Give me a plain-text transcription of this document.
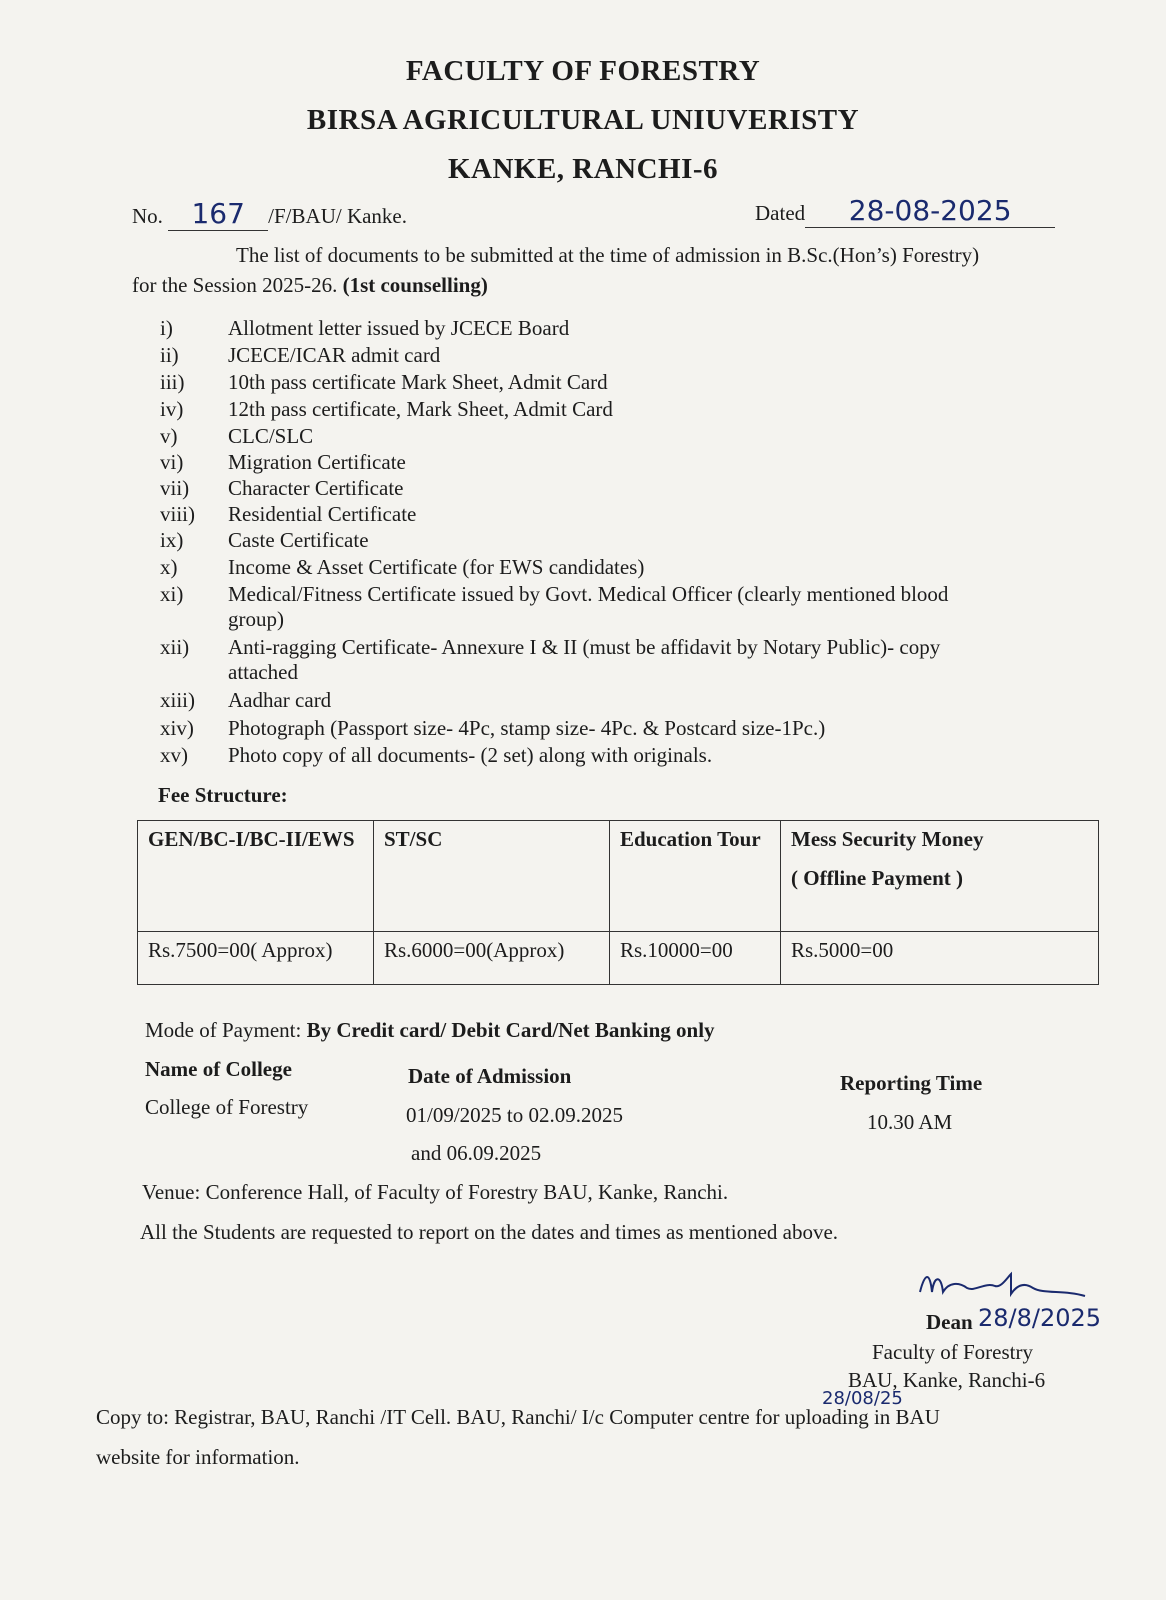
FACULTY OF FORESTRY
BIRSA AGRICULTURAL UNIUVERISTY
KANKE, RANCHI-6
No. 167 /F/BAU/ Kanke.	Dated 28-08-2025
The list of documents to be submitted at the time of admission in B.Sc.(Hon’s) Forestry)
for the Session 2025-26. (1st counselling)
i)	Allotment letter issued by JCECE Board
ii) JCECE/ICAR admit card
iii) 10th pass certificate Mark Sheet, Admit Card
iv) 12th pass certificate, Mark Sheet, Admit Card
v) CLC/SLC
vi) Migration Certificate
vii) Character Certificate
viii) Residential Certificate
ix) Caste Certificate
x) Income & Asset Certificate (for EWS candidates)
xi) Medical/Fitness Certificate issued by Govt. Medical Officer (clearly mentioned blood
group)
xii) Anti-ragging Certificate- Annexure I & II (must be affidavit by Notary Public)- copy
attached
xiii) Aadhar card
xiv) Photograph (Passport size- 4Pc, stamp size- 4Pc. & Postcard size-1Pc.)
xv) Photo copy of all documents- (2 set) along with originals.
Fee Structure:
GEN/BC-I/BC-II/EWS	ST/SC	Education Tour	Mess Security Money
( Offline Payment )

Rs.7500=00( Approx)	Rs.6000=00(Approx)	Rs.10000=00	Rs.5000=00
Mode of Payment: By Credit card/ Debit Card/Net Banking only
Name of College
College of Forestry
Date of Admission
01/09/2025 to 02.09.2025
and 06.09.2025
Reporting Time
10.30 AM
Venue: Conference Hall, of Faculty of Forestry BAU, Kanke, Ranchi.
All the Students are requested to report on the dates and times as mentioned above.
Dean 28/8/2025
Faculty of Forestry
BAU, Kanke, Ranchi-6
28/08/25
Copy to: Registrar, BAU, Ranchi /IT Cell. BAU, Ranchi/ I/c Computer centre for uploading in BAU
website for information.
